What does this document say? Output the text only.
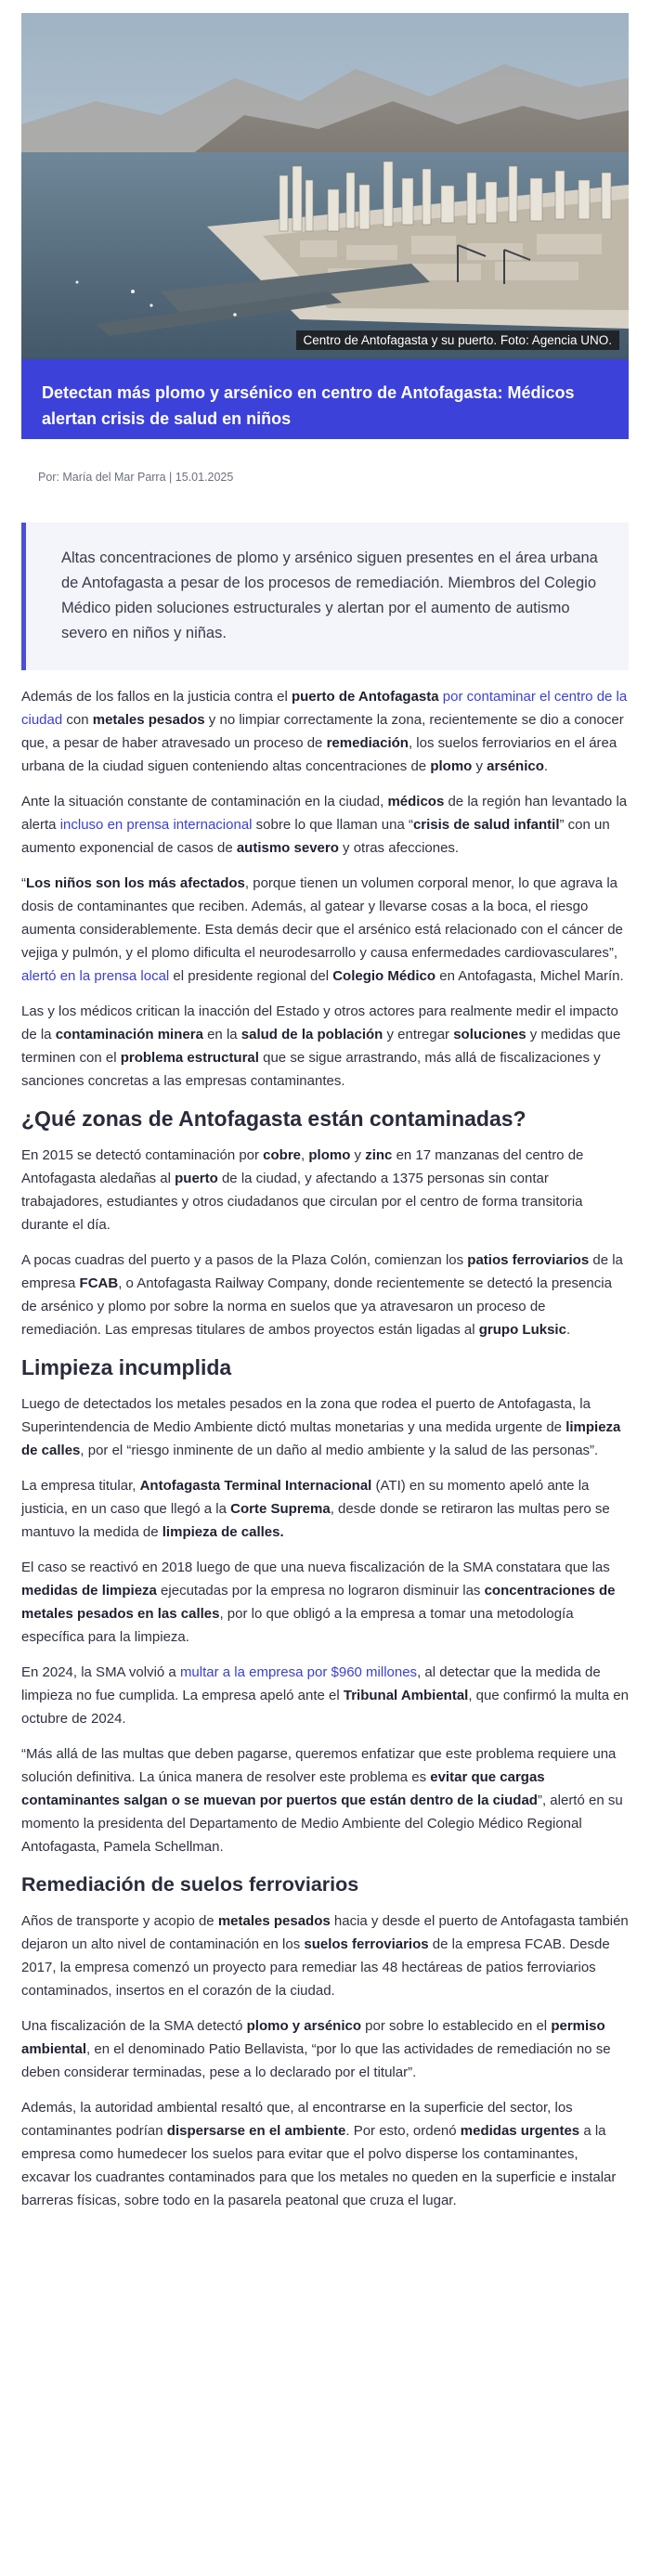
Centro de Antofagasta y su puerto. Foto: Agencia UNO.
Detectan más plomo y arsénico en centro de Antofagasta: Médicos alertan crisis de salud en niños
Por: María del Mar Parra | 15.01.2025
Altas concentraciones de plomo y arsénico siguen presentes en el área urbana de Antofagasta a pesar de los procesos de remediación. Miembros del Colegio Médico piden soluciones estructurales y alertan por el aumento de autismo severo en niños y niñas.

Además de los fallos en la justicia contra el puerto de Antofagasta por contaminar el centro de la ciudad con metales pesados y no limpiar correctamente la zona, recientemente se dio a conocer que, a pesar de haber atravesado un proceso de remediación, los suelos ferroviarios en el área urbana de la ciudad siguen conteniendo altas concentraciones de plomo y arsénico.

Ante la situación constante de contaminación en la ciudad, médicos de la región han levantado la alerta incluso en prensa internacional sobre lo que llaman una “crisis de salud infantil” con un aumento exponencial de casos de autismo severo y otras afecciones.

“Los niños son los más afectados, porque tienen un volumen corporal menor, lo que agrava la dosis de contaminantes que reciben. Además, al gatear y llevarse cosas a la boca, el riesgo aumenta considerablemente. Esta demás decir que el arsénico está relacionado con el cáncer de vejiga y pulmón, y el plomo dificulta el neurodesarrollo y causa enfermedades cardiovasculares”, alertó en la prensa local el presidente regional del Colegio Médico en Antofagasta, Michel Marín.

Las y los médicos critican la inacción del Estado y otros actores para realmente medir el impacto de la contaminación minera en la salud de la población y entregar soluciones y medidas que terminen con el problema estructural que se sigue arrastrando, más allá de fiscalizaciones y sanciones concretas a las empresas contaminantes.

¿Qué zonas de Antofagasta están contaminadas?

En 2015 se detectó contaminación por cobre, plomo y zinc en 17 manzanas del centro de Antofagasta aledañas al puerto de la ciudad, y afectando a 1375 personas sin contar trabajadores, estudiantes y otros ciudadanos que circulan por el centro de forma transitoria durante el día.

A pocas cuadras del puerto y a pasos de la Plaza Colón, comienzan los patios ferroviarios de la empresa FCAB, o Antofagasta Railway Company, donde recientemente se detectó la presencia de arsénico y plomo por sobre la norma en suelos que ya atravesaron un proceso de remediación. Las empresas titulares de ambos proyectos están ligadas al grupo Luksic.

Limpieza incumplida

Luego de detectados los metales pesados en la zona que rodea el puerto de Antofagasta, la Superintendencia de Medio Ambiente dictó multas monetarias y una medida urgente de limpieza de calles, por el “riesgo inminente de un daño al medio ambiente y la salud de las personas”.

La empresa titular, Antofagasta Terminal Internacional (ATI) en su momento apeló ante la justicia, en un caso que llegó a la Corte Suprema, desde donde se retiraron las multas pero se mantuvo la medida de limpieza de calles.

El caso se reactivó en 2018 luego de que una nueva fiscalización de la SMA constatara que las medidas de limpieza ejecutadas por la empresa no lograron disminuir las concentraciones de metales pesados en las calles, por lo que obligó a la empresa a tomar una metodología específica para la limpieza.

En 2024, la SMA volvió a multar a la empresa por $960 millones, al detectar que la medida de limpieza no fue cumplida. La empresa apeló ante el Tribunal Ambiental, que confirmó la multa en octubre de 2024.

“Más allá de las multas que deben pagarse, queremos enfatizar que este problema requiere una solución definitiva. La única manera de resolver este problema es evitar que cargas contaminantes salgan o se muevan por puertos que están dentro de la ciudad”, alertó en su momento la presidenta del Departamento de Medio Ambiente del Colegio Médico Regional Antofagasta, Pamela Schellman.

Remediación de suelos ferroviarios

Años de transporte y acopio de metales pesados hacia y desde el puerto de Antofagasta también dejaron un alto nivel de contaminación en los suelos ferroviarios de la empresa FCAB. Desde 2017, la empresa comenzó un proyecto para remediar las 48 hectáreas de patios ferroviarios contaminados, insertos en el corazón de la ciudad.

Una fiscalización de la SMA detectó plomo y arsénico por sobre lo establecido en el permiso ambiental, en el denominado Patio Bellavista, “por lo que las actividades de remediación no se deben considerar terminadas, pese a lo declarado por el titular”.

Además, la autoridad ambiental resaltó que, al encontrarse en la superficie del sector, los contaminantes podrían dispersarse en el ambiente. Por esto, ordenó medidas urgentes a la empresa como humedecer los suelos para evitar que el polvo disperse los contaminantes, excavar los cuadrantes contaminados para que los metales no queden en la superficie e instalar barreras físicas, sobre todo en la pasarela peatonal que cruza el lugar.
